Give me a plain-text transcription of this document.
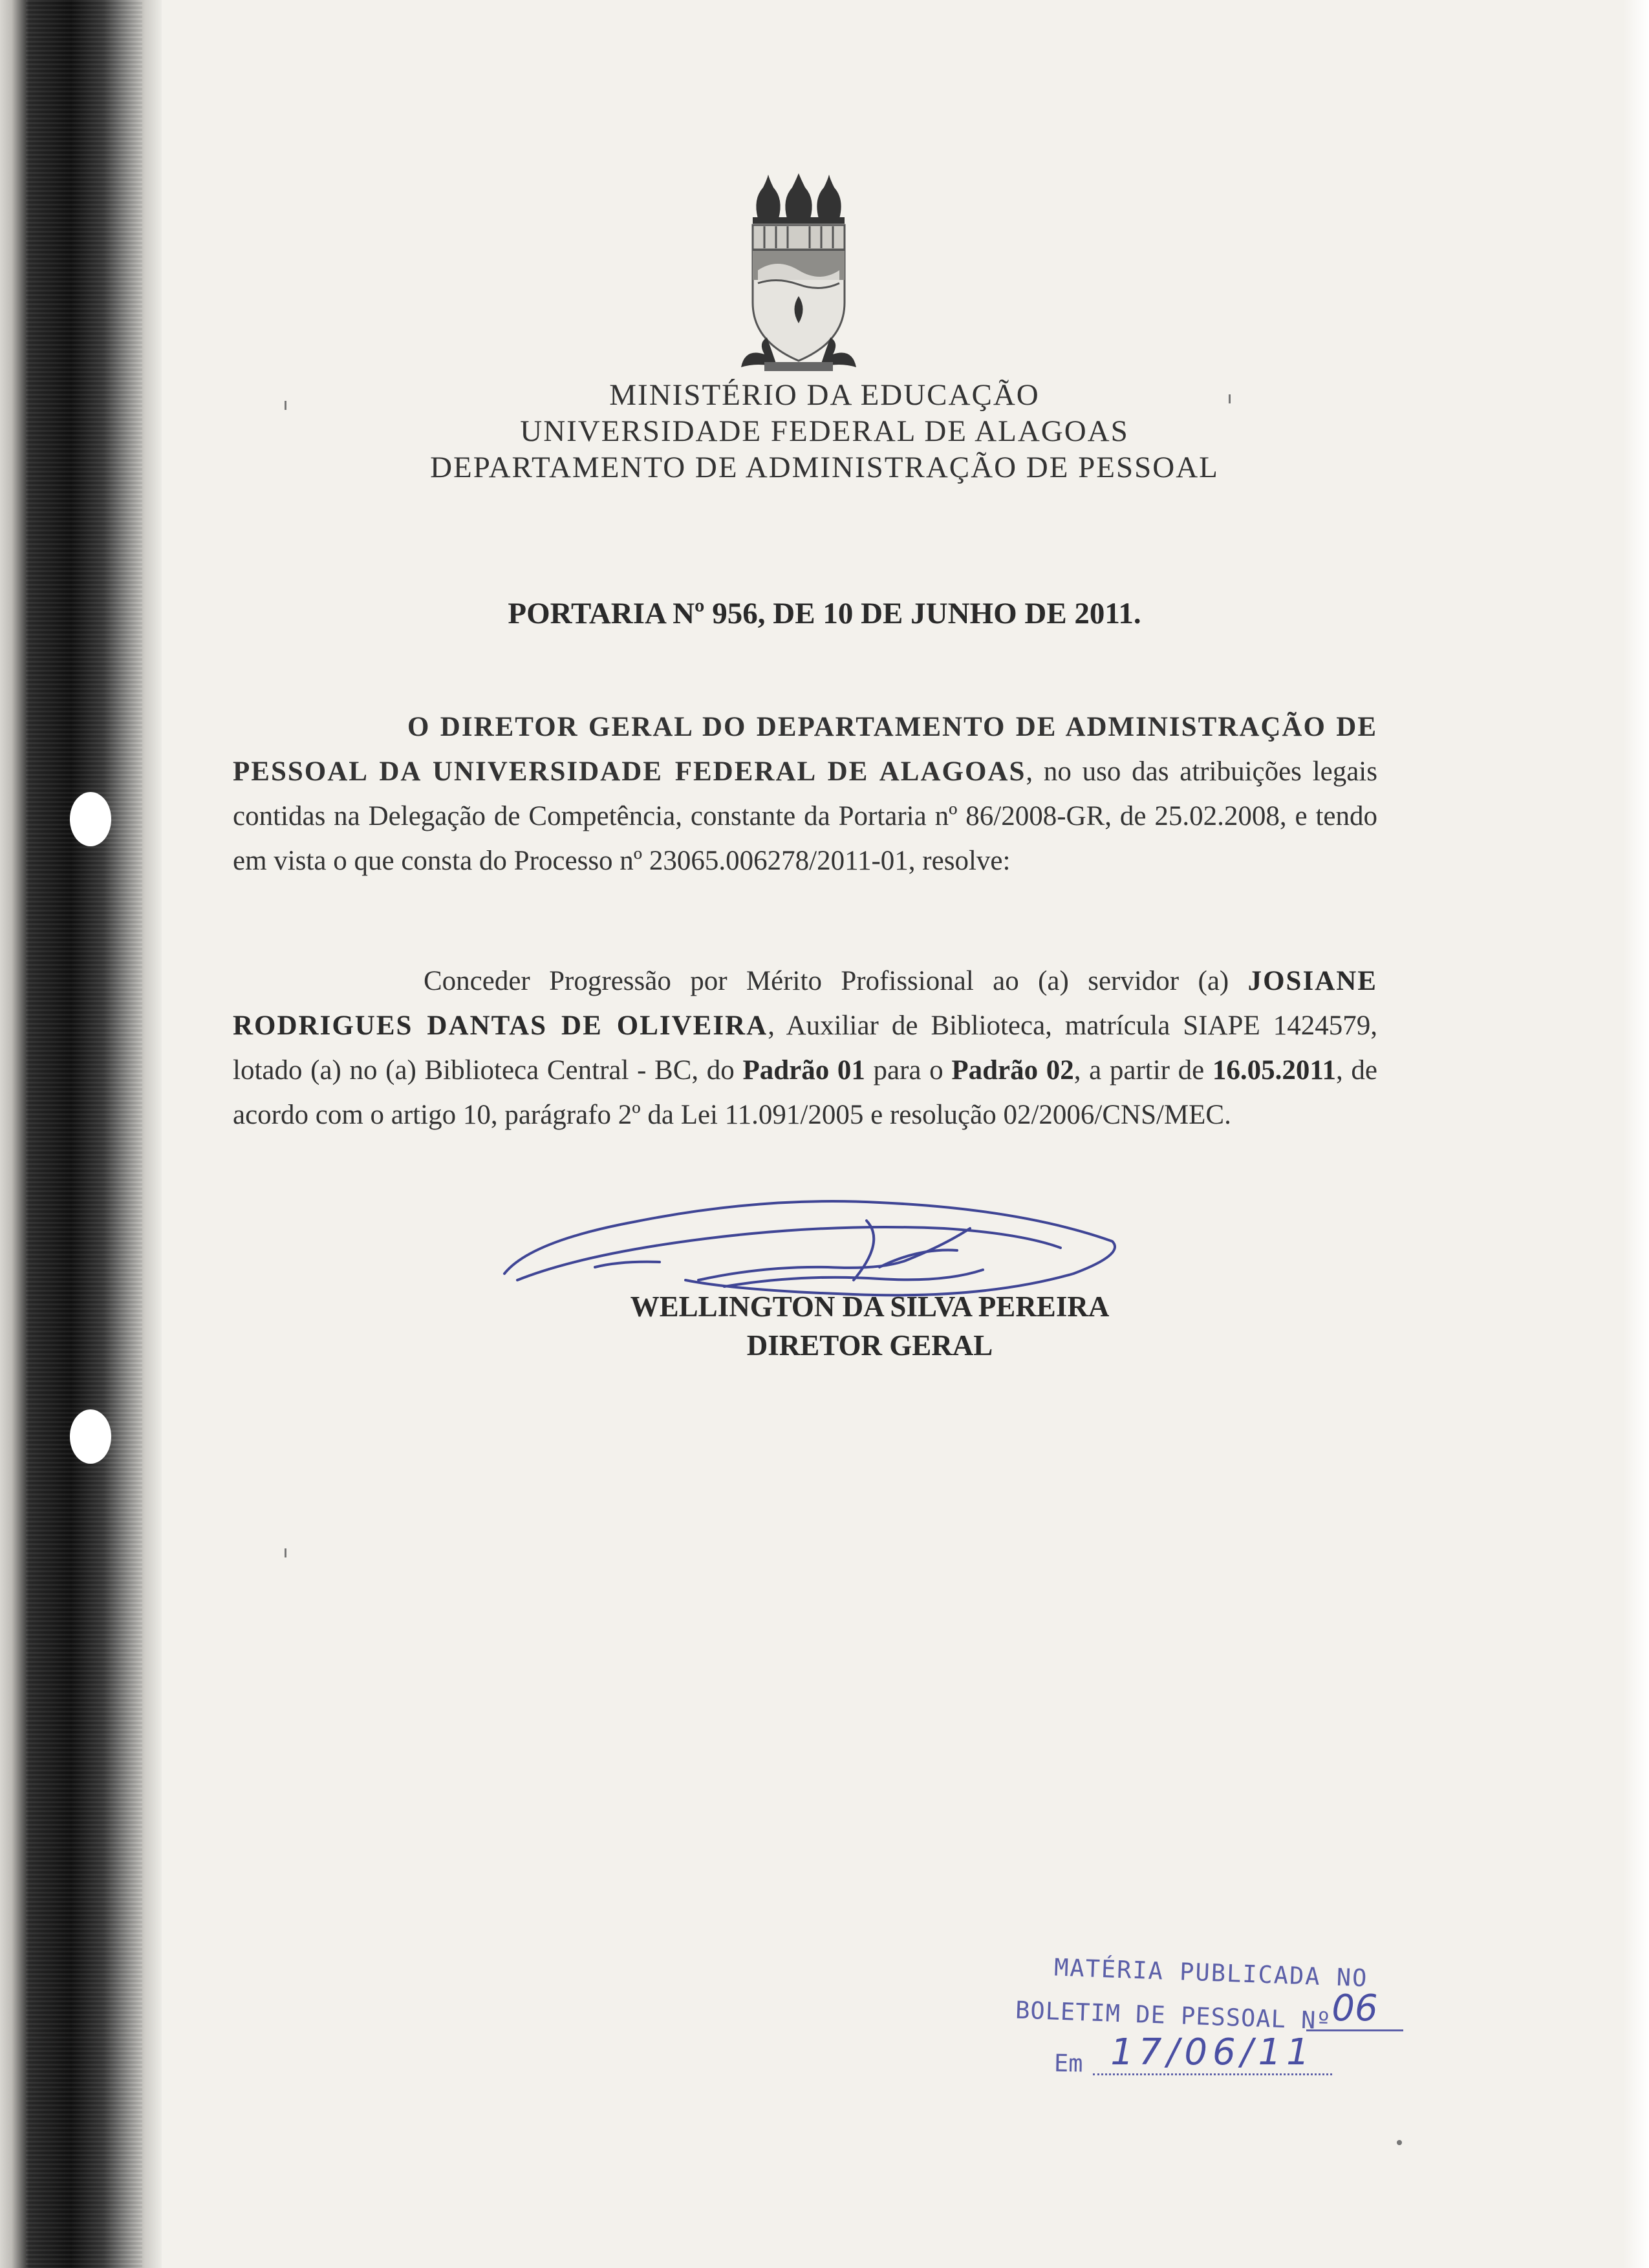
MINISTÉRIO DA EDUCAÇÃO
UNIVERSIDADE FEDERAL DE ALAGOAS
DEPARTAMENTO DE ADMINISTRAÇÃO DE PESSOAL
PORTARIA Nº 956, DE 10 DE JUNHO DE 2011.
O DIRETOR GERAL DO DEPARTAMENTO DE ADMINISTRAÇÃO DE PESSOAL DA UNIVERSIDADE FEDERAL DE ALAGOAS, no uso das atribuições legais contidas na Delegação de Competência, constante da Portaria nº 86/2008-GR, de 25.02.2008, e tendo em vista o que consta do Processo nº 23065.006278/2011-01, resolve:
Conceder Progressão por Mérito Profissional ao (a) servidor (a) JOSIANE RODRIGUES DANTAS DE OLIVEIRA, Auxiliar de Biblioteca, matrícula SIAPE 1424579, lotado (a) no (a) Biblioteca Central - BC, do Padrão 01 para o Padrão 02, a partir de 16.05.2011, de acordo com o artigo 10, parágrafo 2º da Lei 11.091/2005 e resolução 02/2006/CNS/MEC.
WELLINGTON DA SILVA PEREIRA
DIRETOR GERAL
MATÉRIA PUBLICADA NO
BOLETIM DE PESSOAL Nº 06
Em 17/06/11
